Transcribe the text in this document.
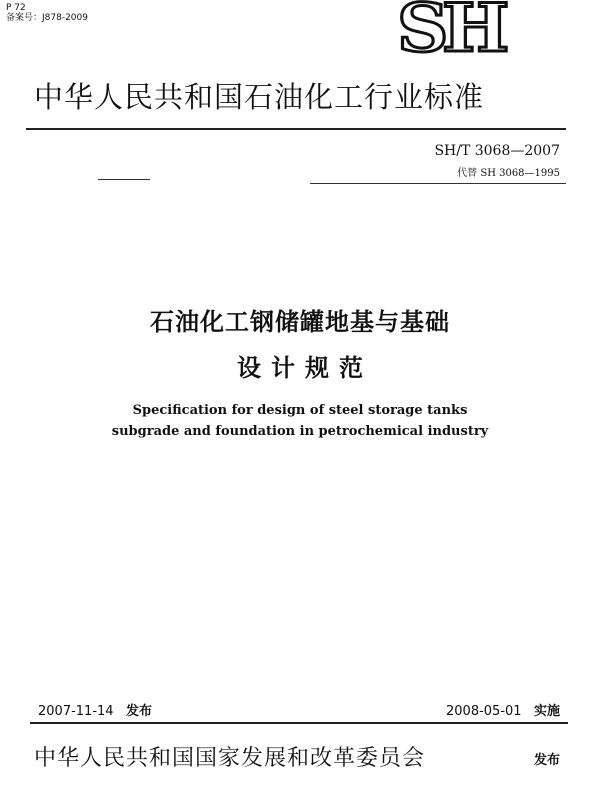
P 72
备案号：J878-2009	SH
中华人民共和国石油化工行业标准
SH/T 3068—2007
代替 SH 3068—1995
石油化工钢储罐地基与基础
设计规范
Specification for design of steel storage tanks
subgrade and foundation in petrochemical industry
2007-11-14 发布	2008-05-01 实施
中华人民共和国国家发展和改革委员会	发布
